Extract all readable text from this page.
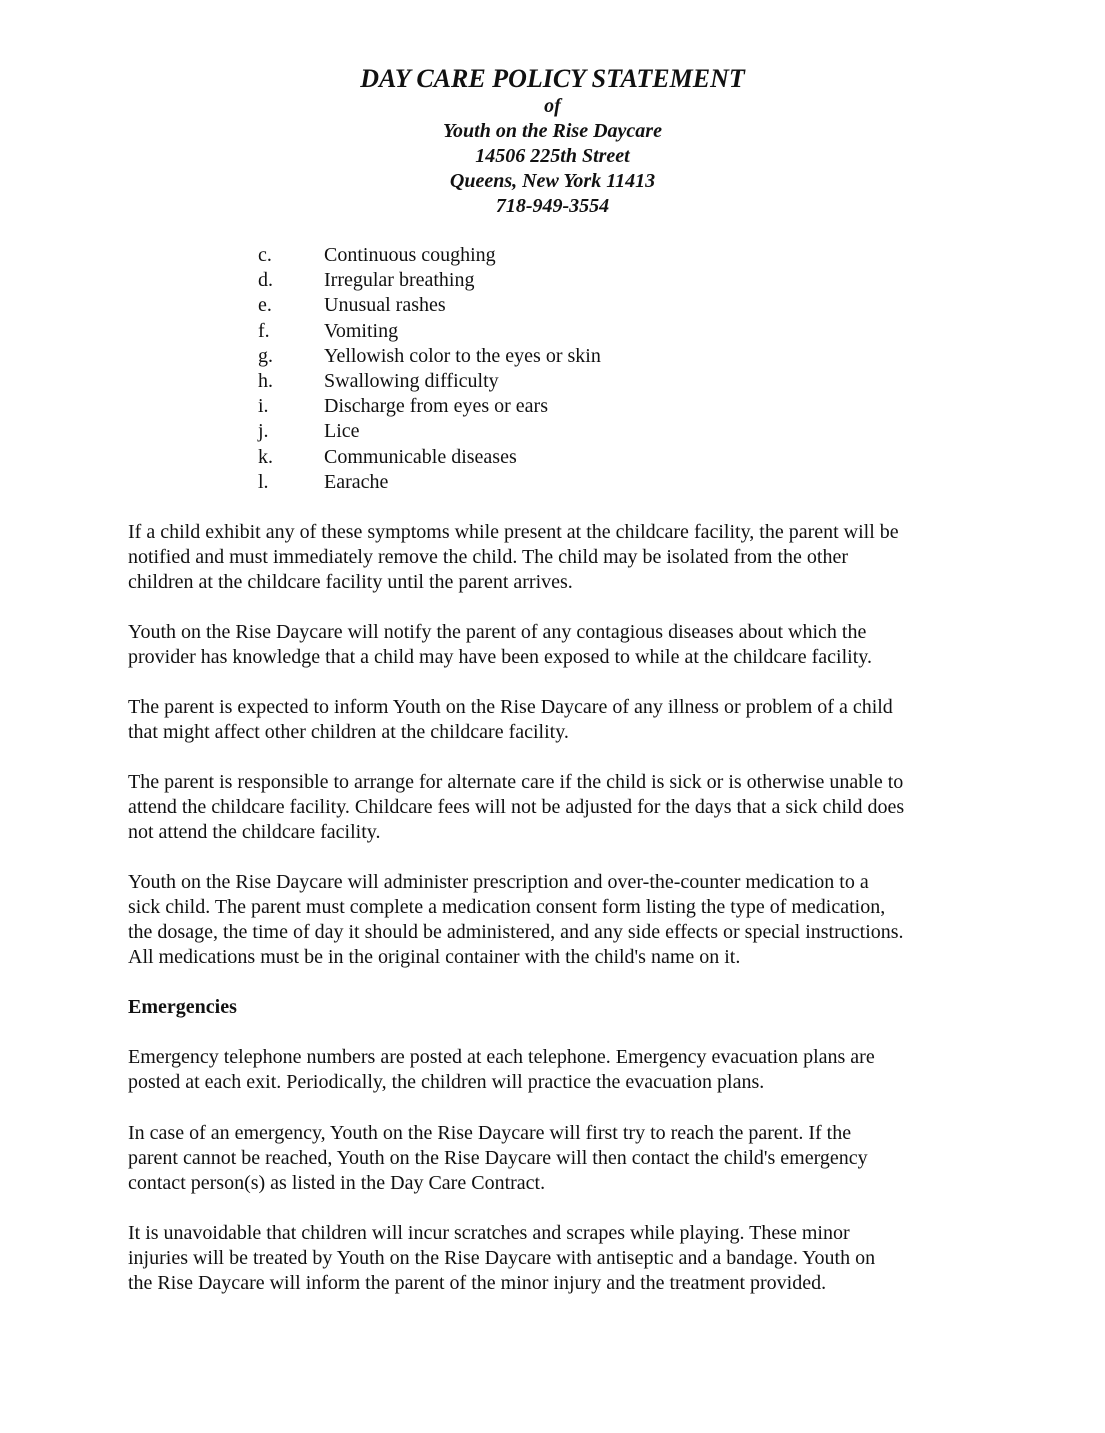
DAY CARE POLICY STATEMENT
of
Youth on the Rise Daycare
14506 225th Street
Queens, New York 11413
718-949-3554
c.	Continuous coughing
d.	Irregular breathing
e.	Unusual rashes
f.	Vomiting
g.	Yellowish color to the eyes or skin
h.	Swallowing difficulty
i.	Discharge from eyes or ears
j.	Lice
k.	Communicable diseases
l.	Earache

If a child exhibit any of these symptoms while present at the childcare facility, the parent will be

notified and must immediately remove the child. The child may be isolated from the other

children at the childcare facility until the parent arrives.

Youth on the Rise Daycare will notify the parent of any contagious diseases about which the

provider has knowledge that a child may have been exposed to while at the childcare facility.

The parent is expected to inform Youth on the Rise Daycare of any illness or problem of a child

that might affect other children at the childcare facility.

The parent is responsible to arrange for alternate care if the child is sick or is otherwise unable to

attend the childcare facility. Childcare fees will not be adjusted for the days that a sick child does

not attend the childcare facility.

Youth on the Rise Daycare will administer prescription and over-the-counter medication to a

sick child. The parent must complete a medication consent form listing the type of medication,

the dosage, the time of day it should be administered, and any side effects or special instructions.

All medications must be in the original container with the child's name on it.

Emergencies

Emergency telephone numbers are posted at each telephone. Emergency evacuation plans are

posted at each exit. Periodically, the children will practice the evacuation plans.

In case of an emergency, Youth on the Rise Daycare will first try to reach the parent. If the

parent cannot be reached, Youth on the Rise Daycare will then contact the child's emergency

contact person(s) as listed in the Day Care Contract.

It is unavoidable that children will incur scratches and scrapes while playing. These minor

injuries will be treated by Youth on the Rise Daycare with antiseptic and a bandage. Youth on

the Rise Daycare will inform the parent of the minor injury and the treatment provided.
